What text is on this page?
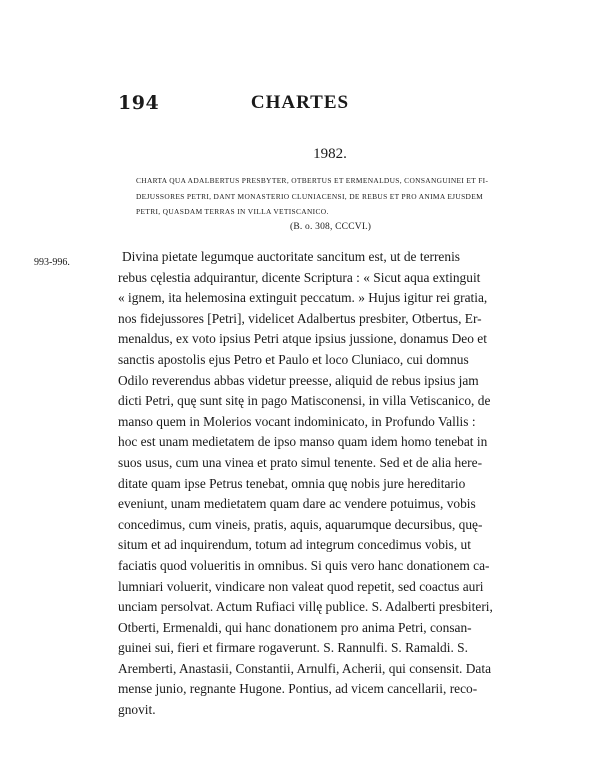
194	CHARTES
1982.
CHARTA QUA ADALBERTUS PRESBYTER, OTBERTUS ET ERMENALDUS, CONSANGUINEI ET FI-
DEJUSSORES PETRI, DANT MONASTERIO CLUNIACENSI, DE REBUS ET PRO ANIMA EJUSDEM
PETRI, QUASDAM TERRAS IN VILLA VETISCANICO.
(B. o. 308, CCCVI.)
993-996.	Divina pietate legumque auctoritate sancitum est, ut de terrenis
rebus cęlestia adquirantur, dicente Scriptura : « Sicut aqua extinguit
« ignem, ita helemosina extinguit peccatum. » Hujus igitur rei gratia,
nos fidejussores [Petri], videlicet Adalbertus presbiter, Otbertus, Er-
menaldus, ex voto ipsius Petri atque ipsius jussione, donamus Deo et
sanctis apostolis ejus Petro et Paulo et loco Cluniaco, cui domnus
Odilo reverendus abbas videtur preesse, aliquid de rebus ipsius jam
dicti Petri, quę sunt sitę in pago Matisconensi, in villa Vetiscanico, de
manso quem in Molerios vocant indominicato, in Profundo Vallis :
hoc est unam medietatem de ipso manso quam idem homo tenebat in
suos usus, cum una vinea et prato simul tenente. Sed et de alia here-
ditate quam ipse Petrus tenebat, omnia quę nobis jure hereditario
eveniunt, unam medietatem quam dare ac vendere potuimus, vobis
concedimus, cum vineis, pratis, aquis, aquarumque decursibus, quę-
situm et ad inquirendum, totum ad integrum concedimus vobis, ut
faciatis quod volueritis in omnibus. Si quis vero hanc donationem ca-
lumniari voluerit, vindicare non valeat quod repetit, sed coactus auri
unciam persolvat. Actum Rufiaci villę publice. S. Adalberti presbiteri,
Otberti, Ermenaldi, qui hanc donationem pro anima Petri, consan-
guinei sui, fieri et firmare rogaverunt. S. Rannulfi. S. Ramaldi. S.
Aremberti, Anastasii, Constantii, Arnulfi, Acherii, qui consensit. Data
mense junio, regnante Hugone. Pontius, ad vicem cancellarii, reco-
gnovit.
